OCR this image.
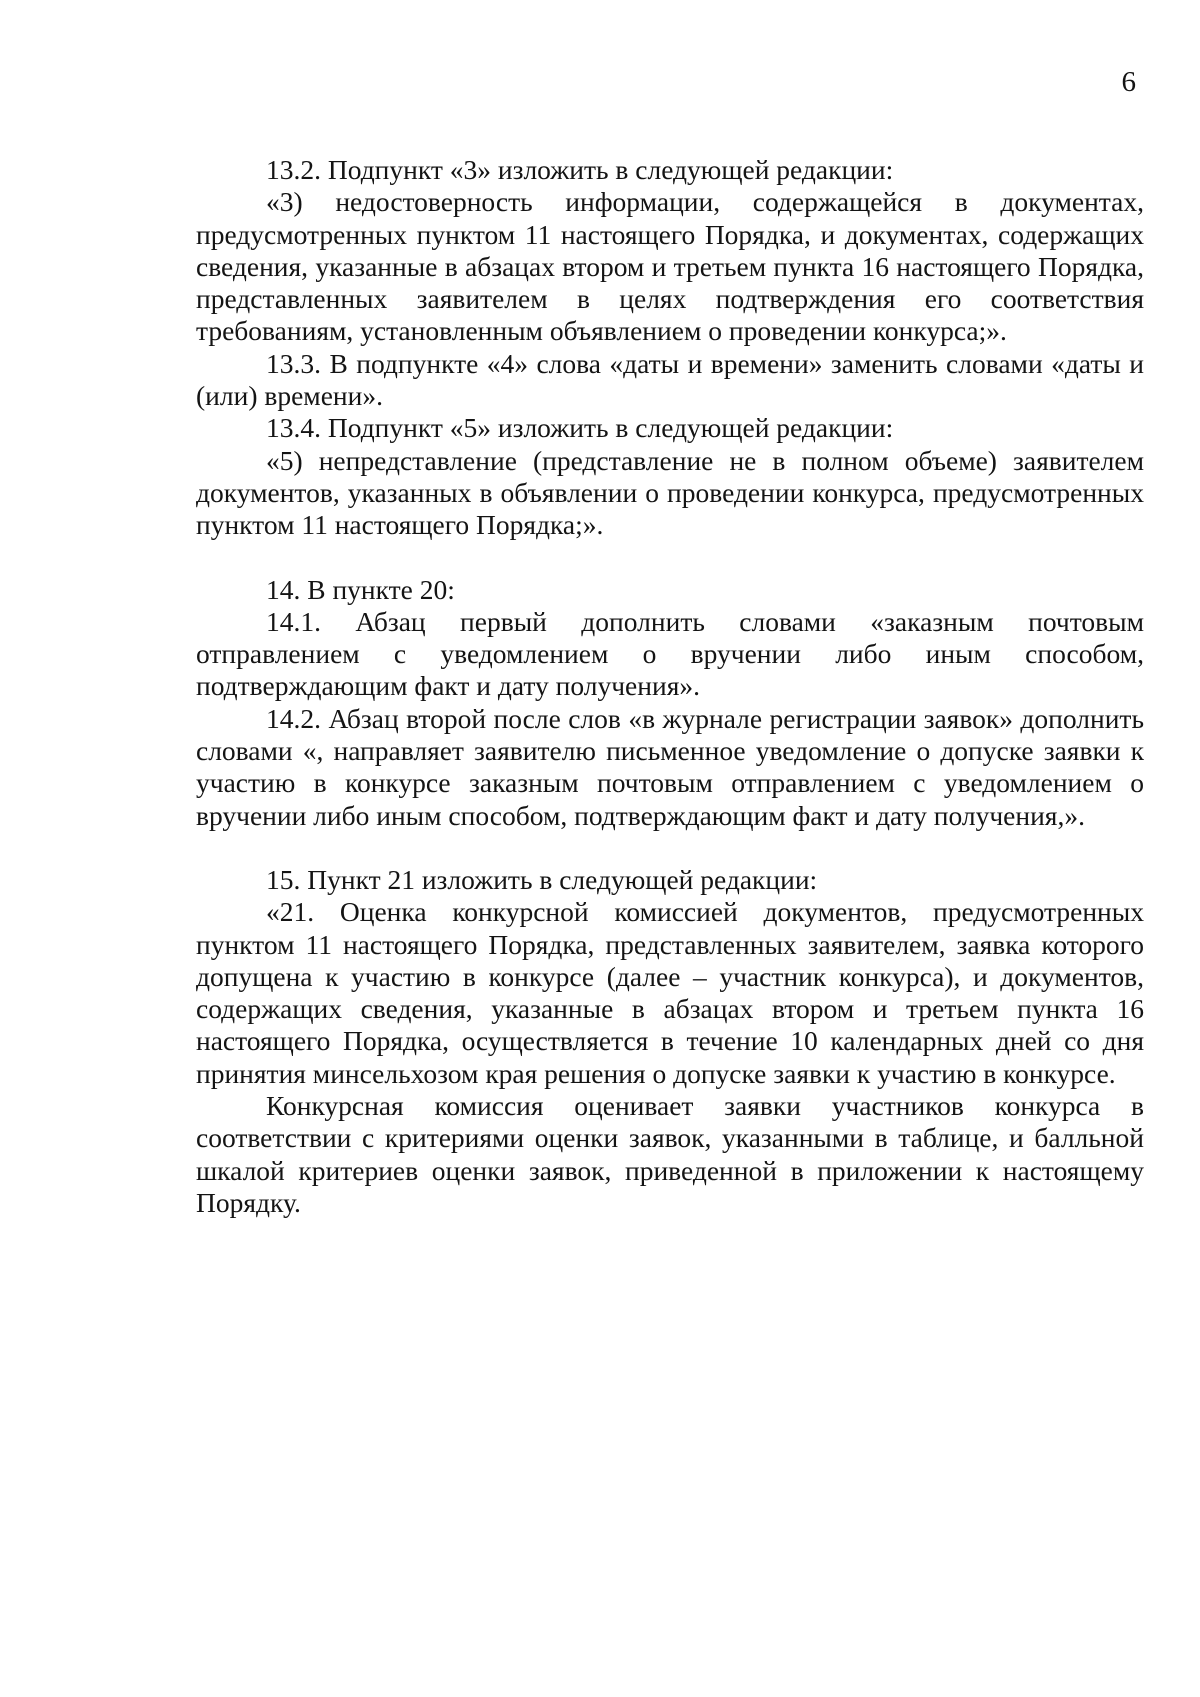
6

13.2. Подпункт «3» изложить в следующей редакции:

«3) недостоверность информации, содержащейся в документах, предусмотренных пунктом 11 настоящего Порядка, и документах, содержащих сведения, указанные в абзацах втором и третьем пункта 16 настоящего Порядка, представленных заявителем в целях подтверждения его соответствия требованиям, установленным объявлением о проведении конкурса;».

13.3. В подпункте «4» слова «даты и времени» заменить словами «даты и (или) времени».

13.4. Подпункт «5» изложить в следующей редакции:

«5) непредставление (представление не в полном объеме) заявителем документов, указанных в объявлении о проведении конкурса, предусмотренных пунктом 11 настоящего Порядка;».

14. В пункте 20:

14.1. Абзац первый дополнить словами «заказным почтовым отправлением с уведомлением о вручении либо иным способом, подтверждающим факт и дату получения».

14.2. Абзац второй после слов «в журнале регистрации заявок» дополнить словами «, направляет заявителю письменное уведомление о допуске заявки к участию в конкурсе заказным почтовым отправлением с уведомлением о вручении либо иным способом, подтверждающим факт и дату получения,».

15. Пункт 21 изложить в следующей редакции:

«21. Оценка конкурсной комиссией документов, предусмотренных пунктом 11 настоящего Порядка, представленных заявителем, заявка которого допущена к участию в конкурсе (далее – участник конкурса), и документов, содержащих сведения, указанные в абзацах втором и третьем пункта 16 настоящего Порядка, осуществляется в течение 10 календарных дней со дня принятия минсельхозом края решения о допуске заявки к участию в конкурсе.

Конкурсная комиссия оценивает заявки участников конкурса в соответствии с критериями оценки заявок, указанными в таблице, и балльной шкалой критериев оценки заявок, приведенной в приложении к настоящему Порядку.
